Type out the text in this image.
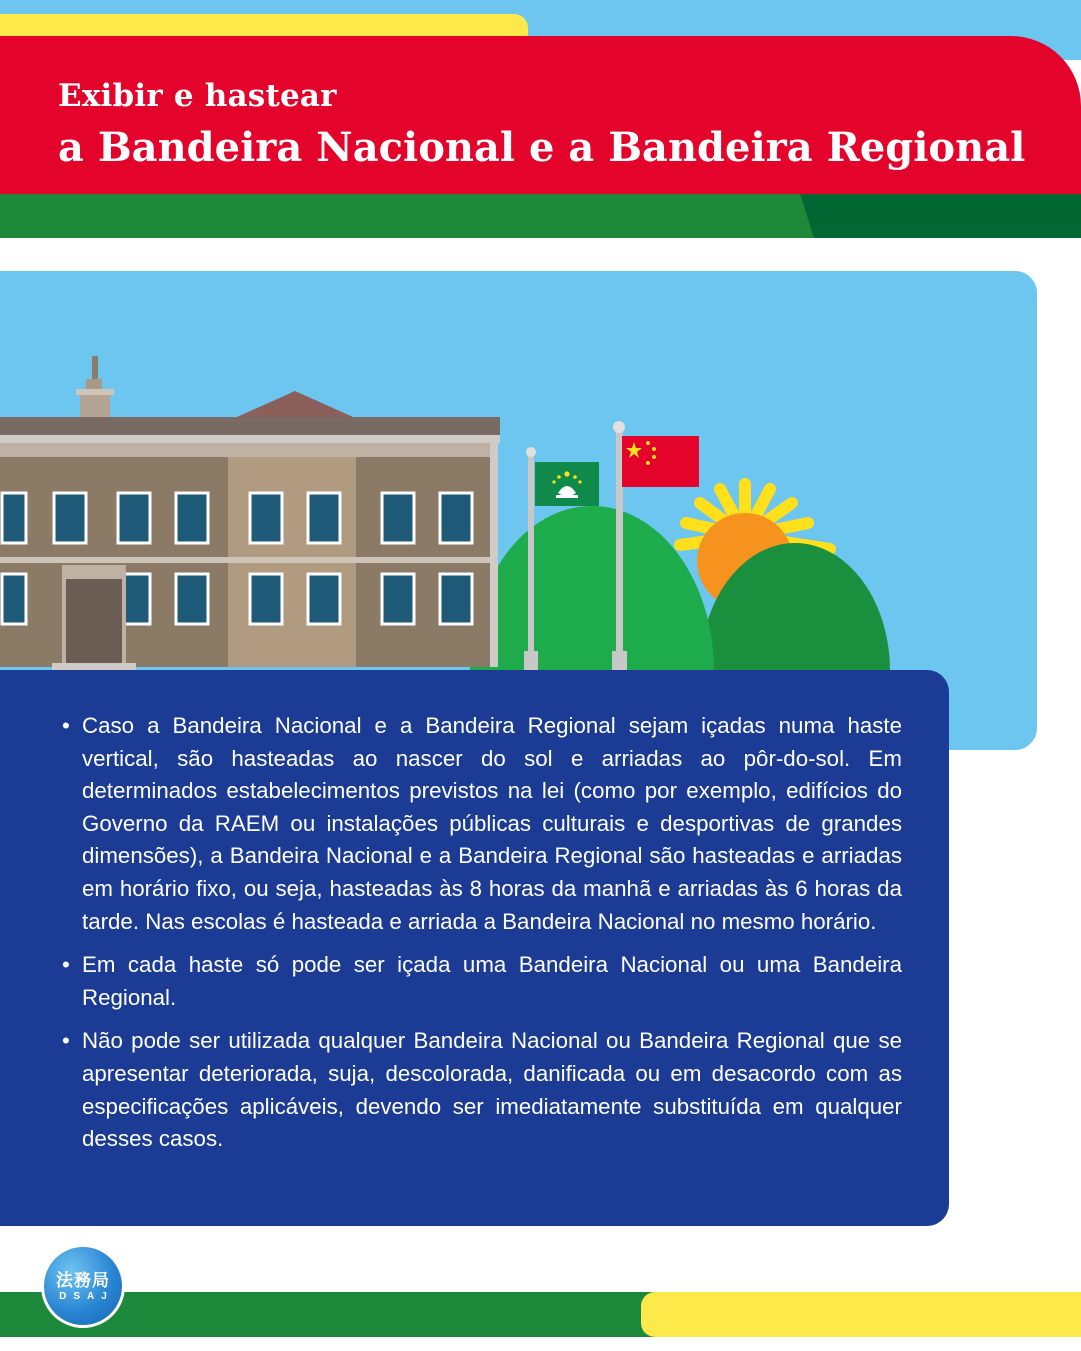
Exibir e hastear
a Bandeira Nacional e a Bandeira Regional
• Caso a Bandeira Nacional e a Bandeira Regional sejam içadas numa haste vertical, são hasteadas ao nascer do sol e arriadas ao pôr-do-sol. Em determinados estabelecimentos previstos na lei (como por exemplo, edifícios do Governo da RAEM ou instalações públicas culturais e desportivas de grandes dimensões), a Bandeira Nacional e a Bandeira Regional são hasteadas e arriadas em horário fixo, ou seja, hasteadas às 8 horas da manhã e arriadas às 6 horas da tarde. Nas escolas é hasteada e arriada a Bandeira Nacional no mesmo horário.
• Em cada haste só pode ser içada uma Bandeira Nacional ou uma Bandeira Regional.
• Não pode ser utilizada qualquer Bandeira Nacional ou Bandeira Regional que se apresentar deteriorada, suja, descolorada, danificada ou em desacordo com as especificações aplicáveis, devendo ser imediatamente substituída em qualquer desses casos.
法務局
DSAJ
